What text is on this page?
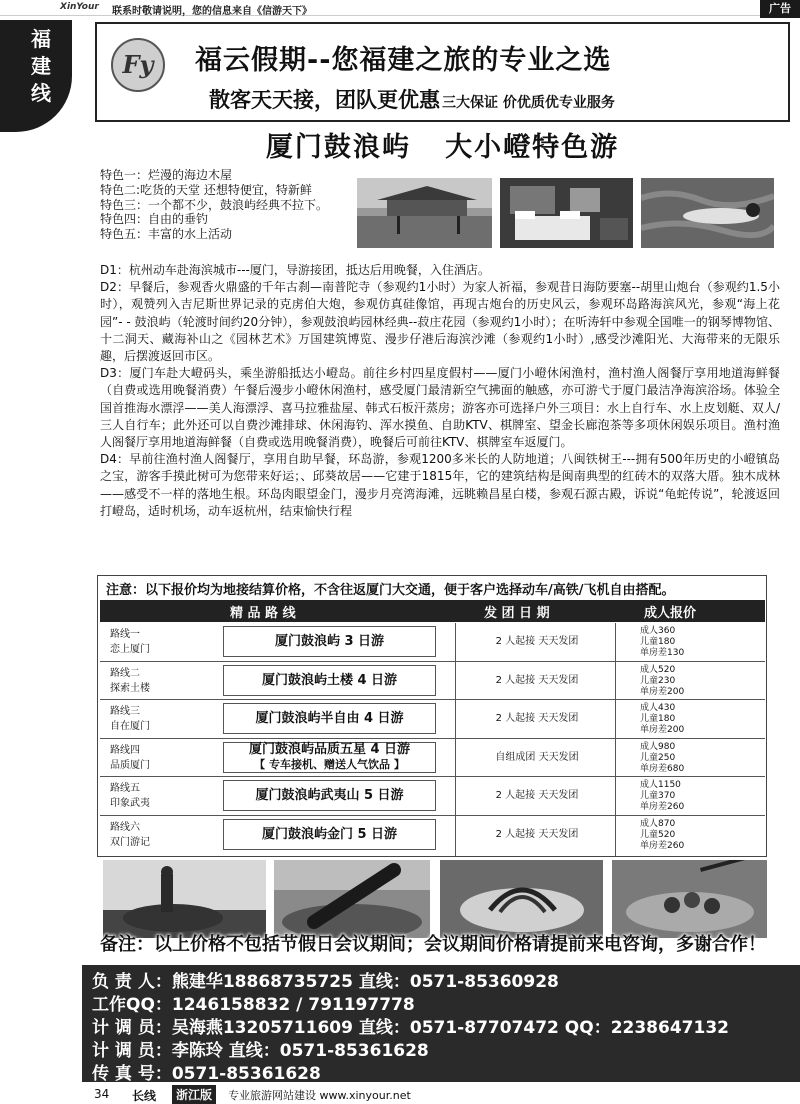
XinYour 联系时敬请说明，您的信息来自《信游天下》	广告
福
建
线
Fy	福云假期--您福建之旅的专业之选
散客天天接，团队更优惠 三大保证 价优质优专业服务
厦门鼓浪屿   大小嶝特色游
特色一：烂漫的海边木屋
特色二:吃货的天堂 还想特便宜，特新鲜
特色三：一个都不少，鼓浪屿经典不拉下。
特色四：自由的垂钓
特色五：丰富的水上活动

D1：杭州动车赴海滨城市---厦门，导游接团，抵达后用晚餐，入住酒店。

D2：早餐后，参观香火鼎盛的千年古刹—南普陀寺（参观约1小时）为家人祈福，参观昔日海防要塞--胡里山炮台（参观约1.5小时），观赞列入吉尼斯世界记录的克虏伯大炮，参观仿真硅像馆，再现古炮台的历史风云，参观环岛路海滨风光，参观“海上花园”- - 鼓浪屿（轮渡时间约20分钟），参观鼓浪屿园林经典--菽庄花园（参观约1小时）；在听涛轩中参观全国唯一的钢琴博物馆、十二洞天、藏海补山之《园林艺术》万国建筑博览、漫步仔港后海滨沙滩（参观约1小时）,感受沙滩阳光、大海带来的无限乐趣，后摆渡返回市区。

D3：厦门车赴大嶝码头，乘坐游船抵达小嶝岛。前往乡村四星度假村——厦门小嶝休闲渔村，渔村渔人阁餐厅享用地道海鲜餐（自费或选用晚餐消费）午餐后漫步小嶝休闲渔村，感受厦门最清新空气拂面的触感，亦可游弋于厦门最洁净海滨浴场。体验全国首推海水漂浮——美人海漂浮、喜马拉雅盐屋、韩式石板汗蒸房；游客亦可选择户外三项目：水上自行车、水上皮划艇、双人/三人自行车；此外还可以自费沙滩排球、休闲海钓、浑水摸鱼、自助KTV、棋牌室、望金长廊泡茶等多项休闲娱乐项目。渔村渔人阁餐厅享用地道海鲜餐（自费或选用晚餐消费），晚餐后可前往KTV、棋牌室车返厦门。

D4：早前往渔村渔人阁餐厅，享用自助早餐，环岛游，参观1200多米长的人防地道；八闽铁树王---拥有500年历史的小嶝镇岛之宝，游客手摸此树可为您带来好运；、邱葵故居——它建于1815年，它的建筑结构是闽南典型的红砖木的双落大厝。独木成林——感受不一样的落地生根。环岛肉眼望金门，漫步月亮湾海滩，远眺赖昌星白楼，参观石源古殿，诉说“龟蛇传说”，轮渡返回打嶝岛，适时机场，动车返杭州，结束愉快行程

注意：以下报价均为地接结算价格，不含往返厦门大交通，便于客户选择动车/高铁/飞机自由搭配。
精 品 路 线	发 团 日 期	成人报价
路线一
恋上厦门
厦门鼓浪屿 3 日游	2 人起接 天天发团
成人360
儿童180
单房差130
路线二
探索土楼
厦门鼓浪屿土楼 4 日游	2 人起接 天天发团
成人520
儿童230
单房差200
路线三
自在厦门
厦门鼓浪屿半自由 4 日游	2 人起接 天天发团
成人430
儿童180
单房差200
路线四
品质厦门
厦门鼓浪屿品质五星 4 日游
【 专车接机、赠送人气饮品 】
自组成团 天天发团
成人980
儿童250
单房差680
路线五
印象武夷
厦门鼓浪屿武夷山 5 日游	2 人起接 天天发团
成人1150
儿童370
单房差260
路线六
双门游记
厦门鼓浪屿金门 5 日游	2 人起接 天天发团
成人870
儿童520
单房差260
备注：以上价格不包括节假日会议期间；会议期间价格请提前来电咨询，多谢合作！
负 责 人：熊建华18868735725 直线：0571-85360928
工作QQ：1246158832 / 791197778
计 调 员：吴海燕13205711609 直线：0571-87707472 QQ：2238647132
计 调 员：李陈玲 直线：0571-85361628
传 真 号：0571-85361628
34 长线	浙江版	专业旅游网站建设 www.xinyour.net
